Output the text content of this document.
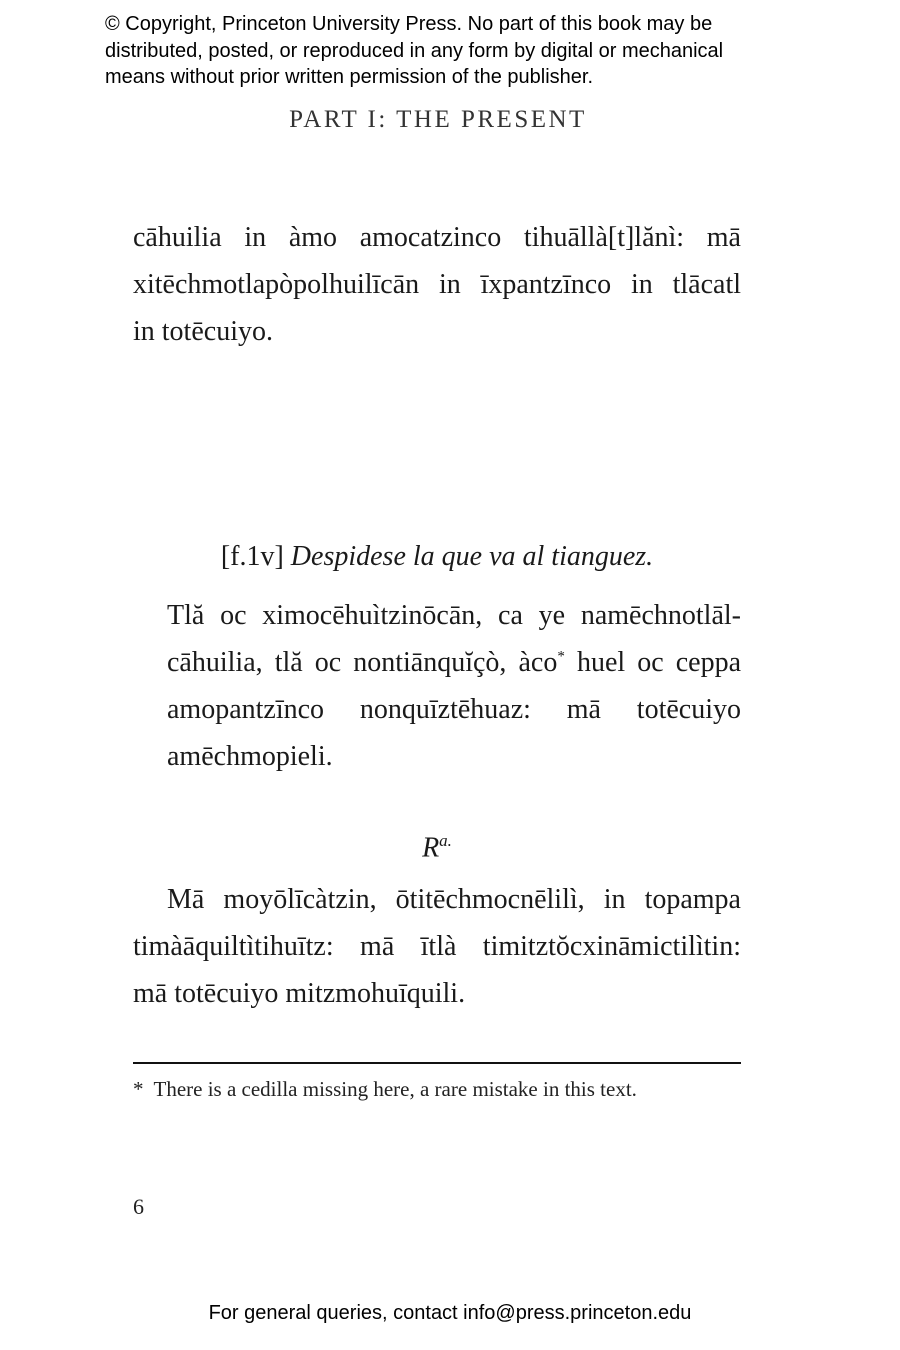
© Copyright, Princeton University Press. No part of this book may be
distributed, posted, or reproduced in any form by digital or mechanical
means without prior written permission of the publisher.
PART I: THE PRESENT
cāhuilia in àmo amocatzinco tihuāllà[t]lănì: mā
xitēchmotlapòpolhuilīcān in īxpantzīnco in tlācatl
in totēcuiyo.
[f.1v] Despidese la que va al tianguez.
Tlă oc ximocēhuìtzinōcān, ca ye namēchnotlāl-
cāhuilia, tlă oc nontiānquĭçò, àco* huel oc ceppa
amopantzīnco nonquīztēhuaz: mā totēcuiyo
amēchmopieli.
$R^{a.}$
Mā moyōlīcàtzin, ōtitēchmocnēlilì, in topampa
timàāquiltìtihuītz: mā ītlà timitztŏcxināmictilìtin:
mā totēcuiyo mitzmohuīquili.
* There is a cedilla missing here, a rare mistake in this text.
6
For general queries, contact info@press.princeton.edu
